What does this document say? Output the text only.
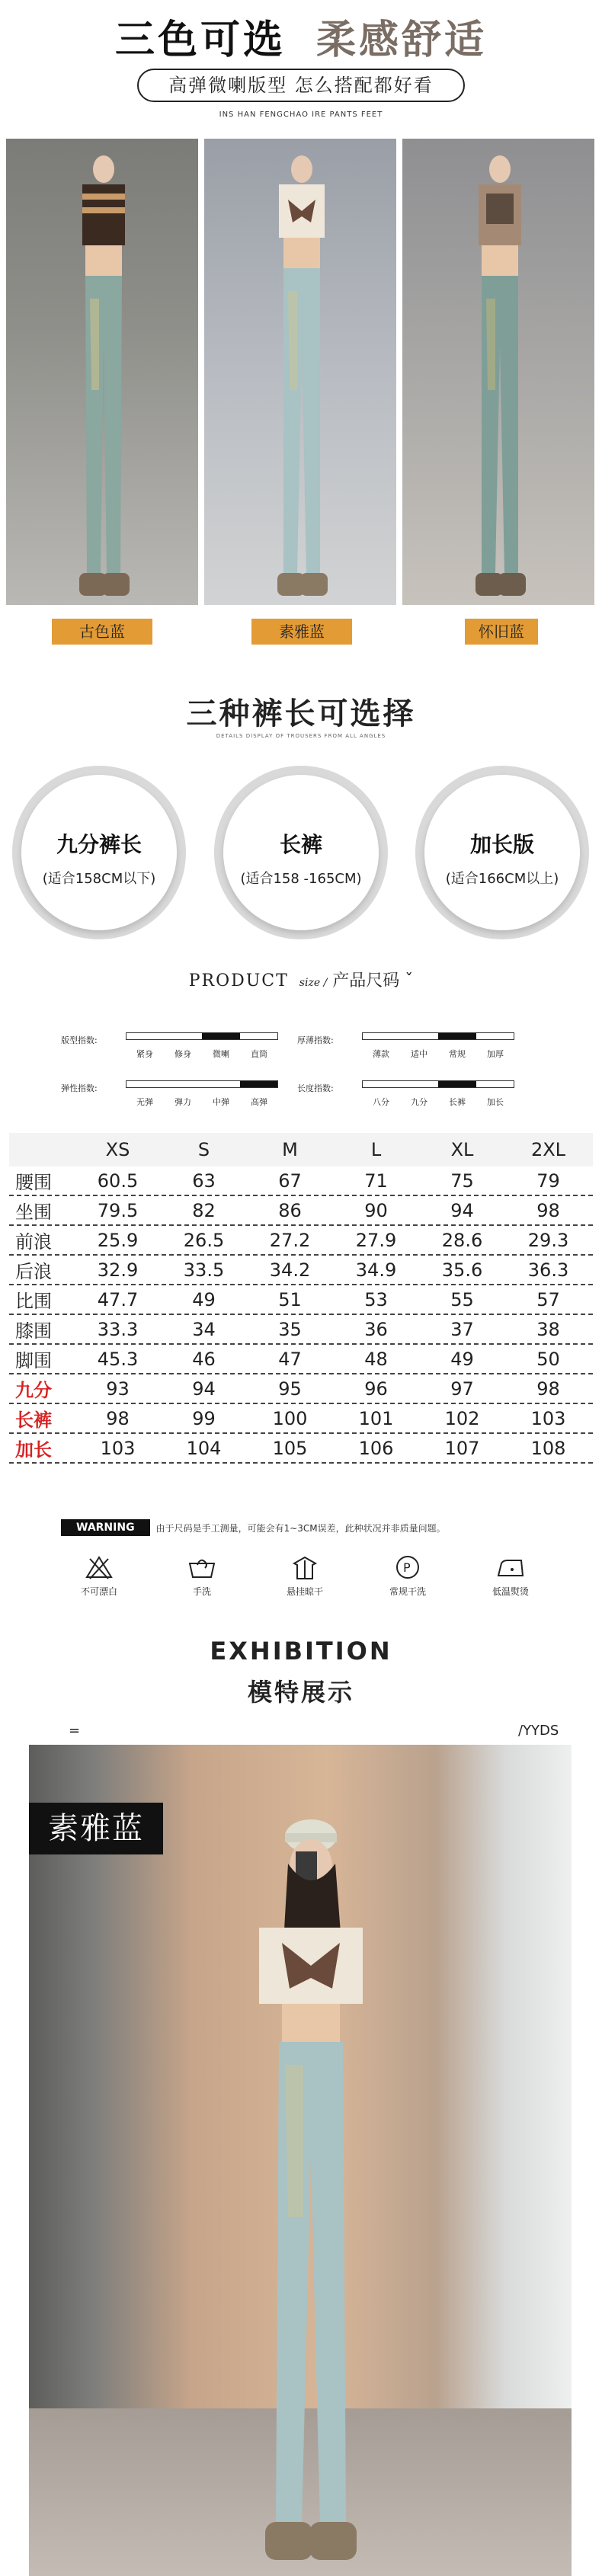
三色可选 柔感舒适
高弹微喇版型 怎么搭配都好看
INS HAN FENGCHAO IRE PANTS FEET
古色蓝	素雅蓝	怀旧蓝
三种裤长可选择
DETAILS DISPLAY OF TROUSERS FROM ALL ANGLES
九分裤长
(适合158CM以下)
长裤
(适合158 -165CM)
加长版
(适合166CM以上)
PRODUCT size / 产品尺码 ˇ
版型指数:
紧身	修身	微喇	直筒
厚薄指数:
薄款	适中	常规	加厚
弹性指数:
无弹	弹力	中弹	高弹
长度指数:
八分	九分	长裤	加长
XS	S	M	L	XL	2XL
腰围	60.5	63	67	71	75	79
坐围	79.5	82	86	90	94	98
前浪	25.9	26.5	27.2	27.9	28.6	29.3
后浪	32.9	33.5	34.2	34.9	35.6	36.3
比围	47.7	49	51	53	55	57
膝围	33.3	34	35	36	37	38
脚围	45.3	46	47	48	49	50
九分	93	94	95	96	97	98
长裤	98	99	100	101	102	103
加长	103	104	105	106	107	108
WARNING 由于尺码是手工测量，可能会有1~3CM误差，此种状况并非质量问题。
不可漂白	手洗	悬挂晾干
P
常规干洗	低温熨烫
EXHIBITION
模特展示
=	/YYDS
素雅蓝
